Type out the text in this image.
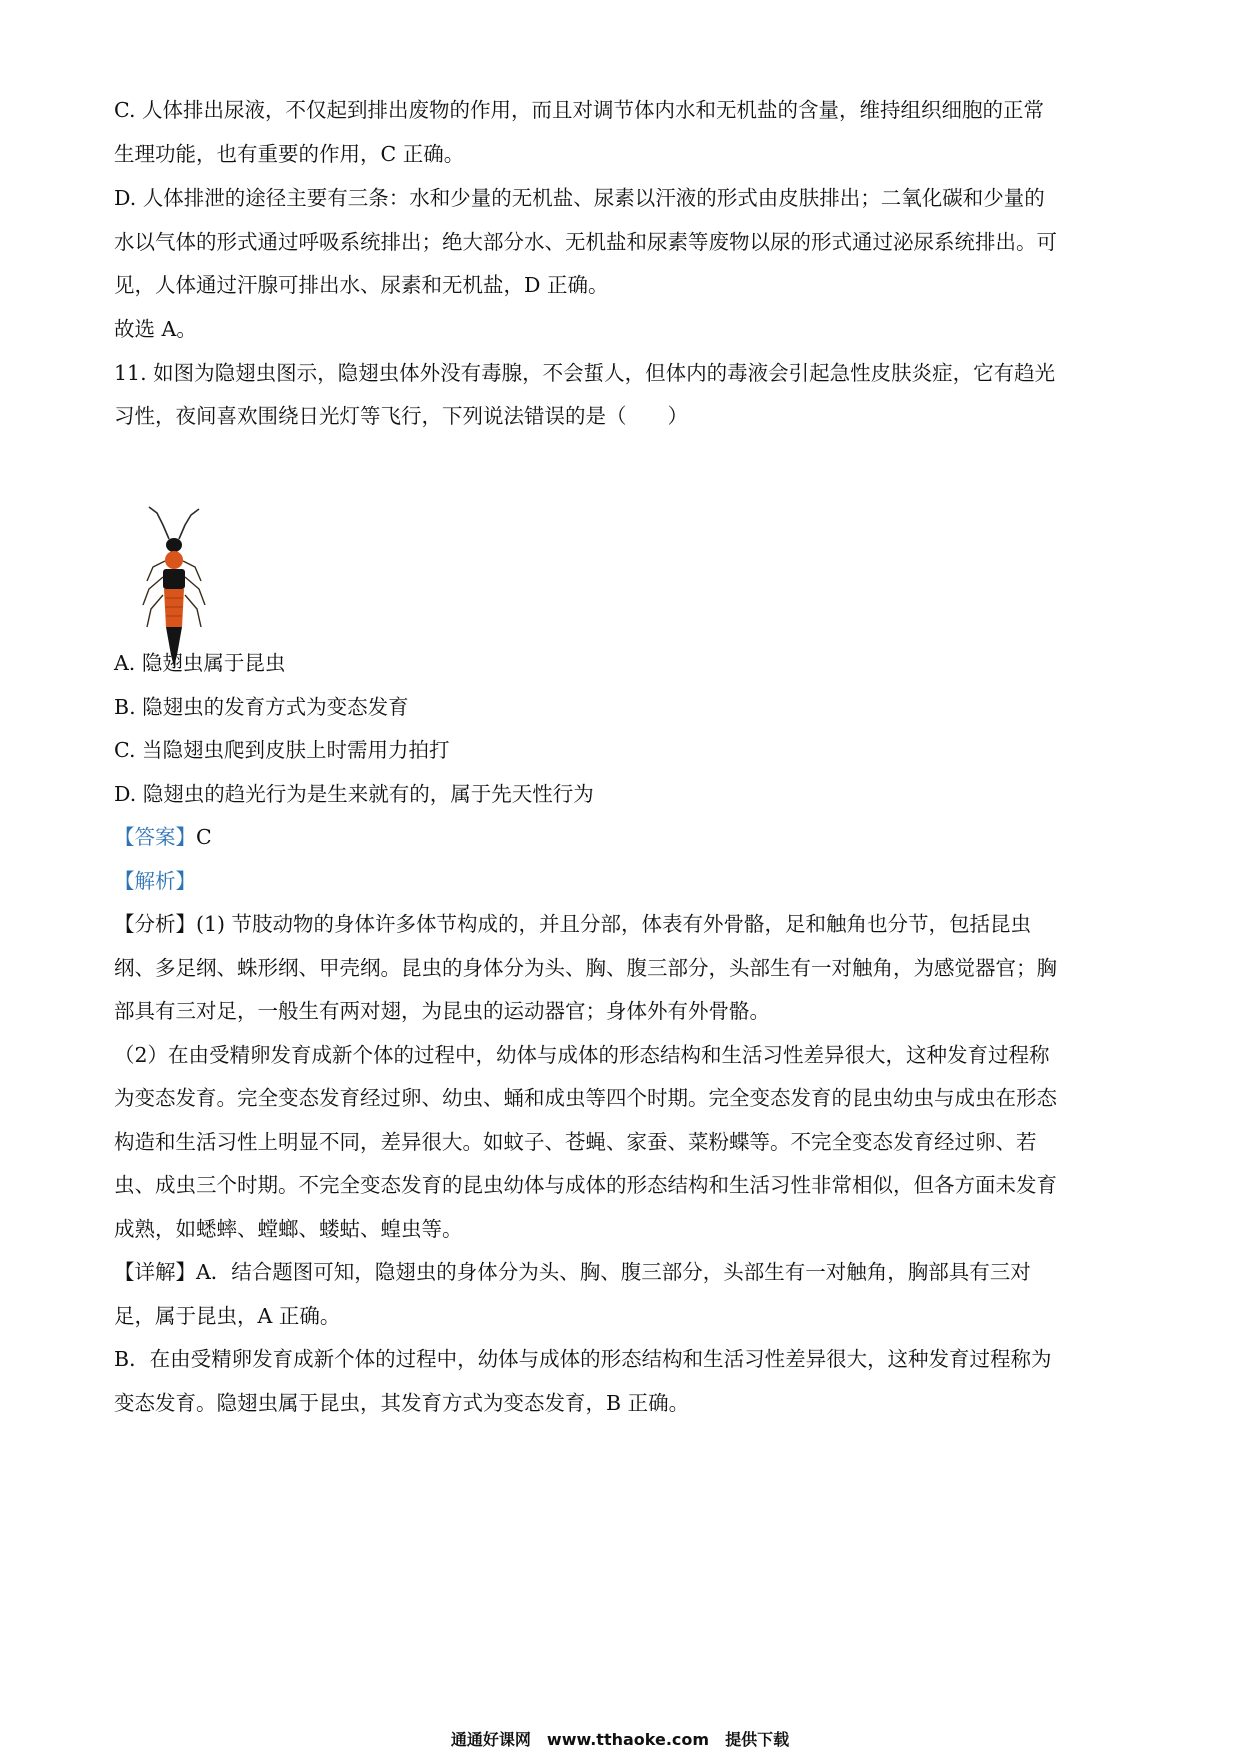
C. 人体排出尿液，不仅起到排出废物的作用，而且对调节体内水和无机盐的含量，维持组织细胞的正常
生理功能，也有重要的作用，C 正确。
D. 人体排泄的途径主要有三条：水和少量的无机盐、尿素以汗液的形式由皮肤排出；二氧化碳和少量的
水以气体的形式通过呼吸系统排出；绝大部分水、无机盐和尿素等废物以尿的形式通过泌尿系统排出。可
见，人体通过汗腺可排出水、尿素和无机盐，D 正确。
故选 A。
11. 如图为隐翅虫图示，隐翅虫体外没有毒腺，不会蜇人，但体内的毒液会引起急性皮肤炎症，它有趋光
习性，夜间喜欢围绕日光灯等飞行，下列说法错误的是（　　）
A. 隐翅虫属于昆虫
B. 隐翅虫的发育方式为变态发育
C. 当隐翅虫爬到皮肤上时需用力拍打
D. 隐翅虫的趋光行为是生来就有的，属于先天性行为
【答案】C
【解析】
【分析】(1) 节肢动物的身体许多体节构成的，并且分部，体表有外骨骼，足和触角也分节，包括昆虫
纲、多足纲、蛛形纲、甲壳纲。昆虫的身体分为头、胸、腹三部分，头部生有一对触角，为感觉器官；胸
部具有三对足，一般生有两对翅，为昆虫的运动器官；身体外有外骨骼。
（2）在由受精卵发育成新个体的过程中，幼体与成体的形态结构和生活习性差异很大，这种发育过程称
为变态发育。完全变态发育经过卵、幼虫、蛹和成虫等四个时期。完全变态发育的昆虫幼虫与成虫在形态
构造和生活习性上明显不同，差异很大。如蚊子、苍蝇、家蚕、菜粉蝶等。不完全变态发育经过卵、若
虫、成虫三个时期。不完全变态发育的昆虫幼体与成体的形态结构和生活习性非常相似，但各方面未发育
成熟，如蟋蟀、螳螂、蝼蛄、蝗虫等。
【详解】A．结合题图可知，隐翅虫的身体分为头、胸、腹三部分，头部生有一对触角，胸部具有三对
足，属于昆虫，A 正确。
B．在由受精卵发育成新个体的过程中，幼体与成体的形态结构和生活习性差异很大，这种发育过程称为
变态发育。隐翅虫属于昆虫，其发育方式为变态发育，B 正确。
通通好课网　www.tthaoke.com　提供下载
